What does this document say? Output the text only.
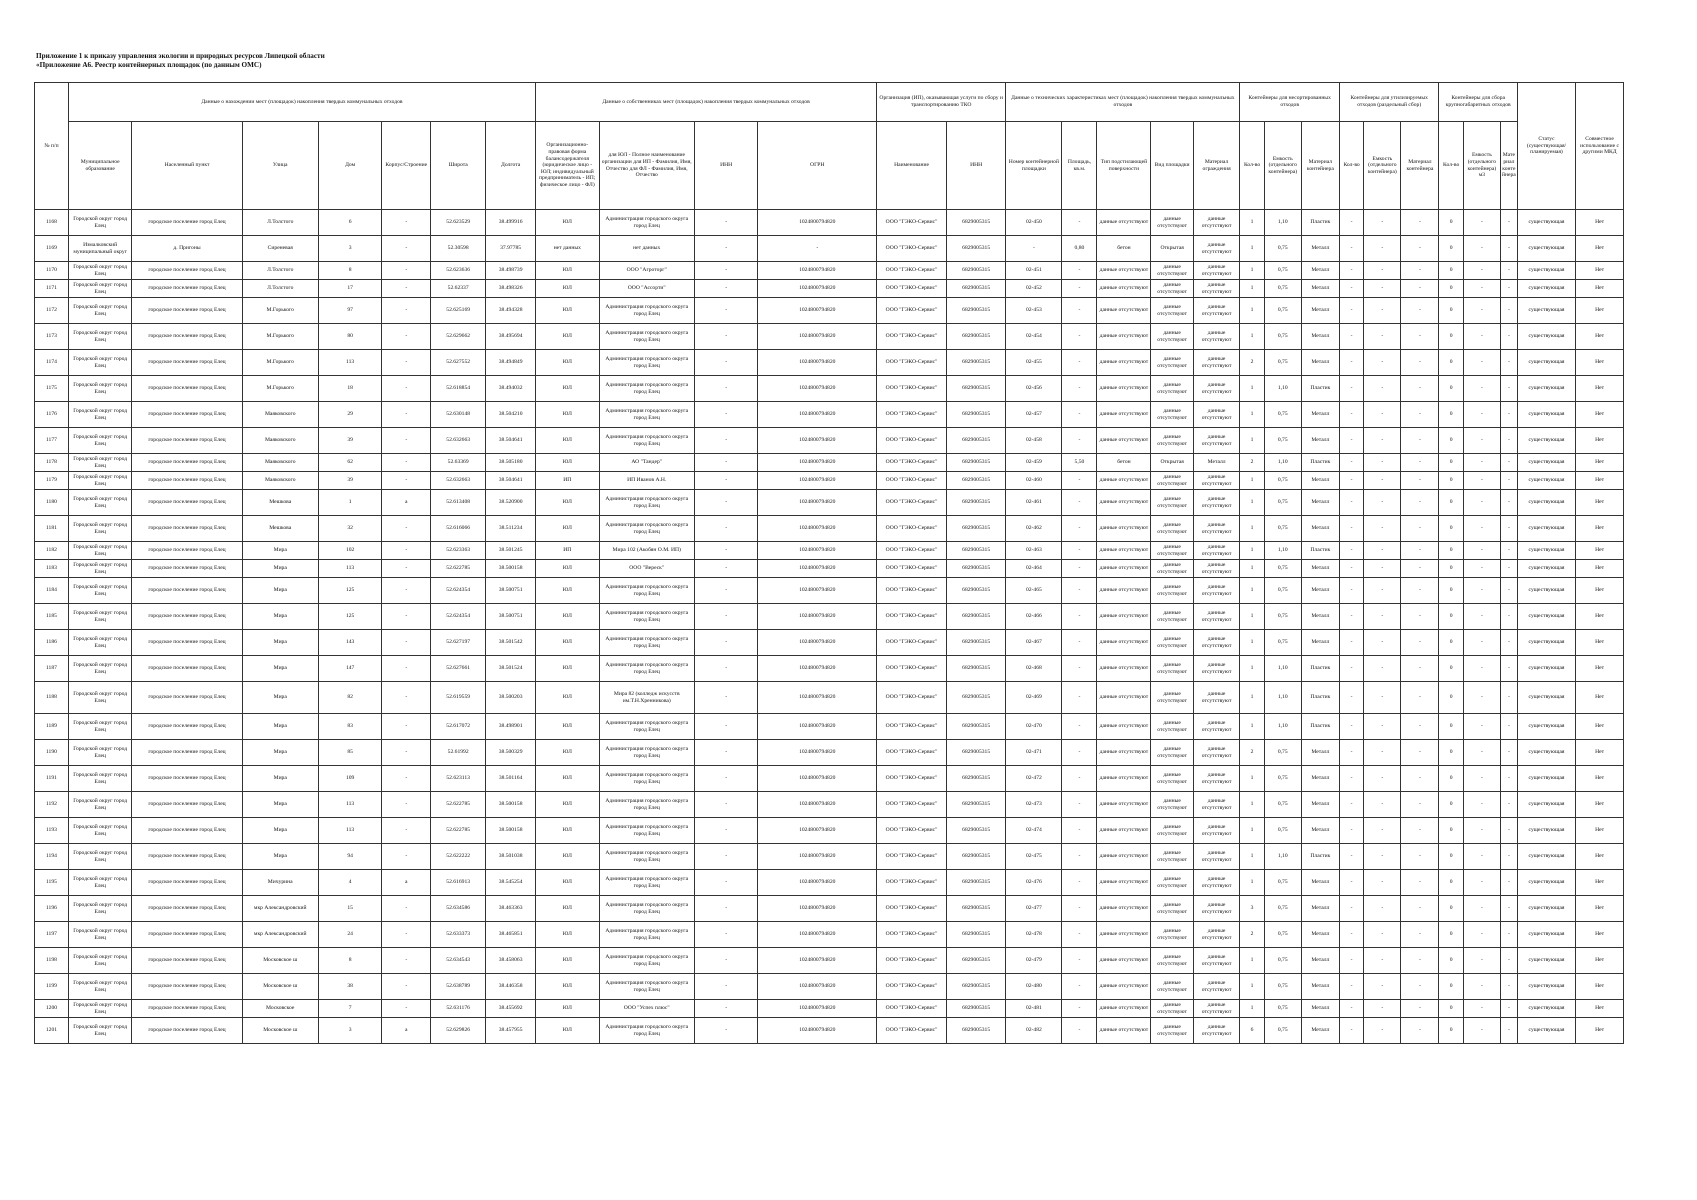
Приложение 1 к приказу управления экологии и природных ресурсов Липецкой области
«Приложение А6. Реестр контейнерных площадок (по данным ОМС)
№ п/п	Данные о нахождении мест (площадок) накопления твердых коммунальных отходов							Данные о собственниках мест (площадок) накопления твердых коммунальных отходов				Организация (ИП), оказывающая услуги по сбору и транспортированию ТКО		Данные о технических характеристиках мест (площадок) накопления твердых коммунальных отходов					Контейнеры для несортированных отходов			Контейнеры для утилизируемых отходов (раздельный сбор)			Контейнеры для сбора крупногабаритных отходов			Статус (существующая/ планируемая)	Совместное использование с другими МКД
	Муниципальное образование	Населенный пункт	Улица	Дом	Корпус/Строение	Широта	Долгота	Организационно-правовая форма балансодержателя (юридическое лицо - ЮЛ; индивидуальный предприниматель - ИП; физическое лицо - ФЛ)	для ЮЛ - Полное наименование организации для ИП - Фамилия, Имя, Отчество для ФЛ - Фамилия, Имя, Отчество	ИНН	ОГРН	Наименование	ИНН	Номер контейнерной площадки	Площадь, кв.м.	Тип подстилающей поверхности	Вид площадки	Материал ограждения	Кол-во	Емкость (отдельного контейнера)	Материал контейнера	Кол-во	Емкость (отдельного контейнера)	Материал контейнера	Кол-во	Емкость (отдельного контейнера) м3	Материал контейнера		
1168	Городской округ город Елец	городское поселение город Елец	Л.Толстого	6	-	52.623529	38.499916	ЮЛ	Администрация городского округа город Елец	-	1024800794820	ООО "ГЭКО-Сервис"	6829005315	02-450	-	данные отсутствуют	данные отсутствуют	данные отсутствуют	1	1,10	Пластик	-	-	-	0	-	-	существующая	Нет
1169	Измалковский муниципальный округ	д. Пригоны	Сиреневая	3	-	52.30598	37.97785	нет данных	нет данных	-	-	ООО "ГЭКО-Сервис"	6829005315	-	0,80	бетон	Открытая	данные отсутствуют	1	0,75	Металл	-	-	-	0	-	-	существующая	Нет
1170	Городской округ город Елец	городское поселение город Елец	Л.Толстого	8	-	52.623636	38.498739	ЮЛ	ООО "Агроторг"	-	1024800794820	ООО "ГЭКО-Сервис"	6829005315	02-451	-	данные отсутствуют	данные отсутствуют	данные отсутствуют	1	0,75	Металл	-	-	-	0	-	-	существующая	Нет
1171	Городской округ город Елец	городское поселение город Елец	Л.Толстого	17	-	52.62337	38.498326	ЮЛ	ООО "Ассорти"	-	1024800794820	ООО "ГЭКО-Сервис"	6829005315	02-452	-	данные отсутствуют	данные отсутствуют	данные отсутствуют	1	0,75	Металл	-	-	-	0	-	-	существующая	Нет
1172	Городской округ город Елец	городское поселение город Елец	М.Горького	97	-	52.625169	38.494328	ЮЛ	Администрация городского округа город Елец	-	1024800794820	ООО "ГЭКО-Сервис"	6829005315	02-453	-	данные отсутствуют	данные отсутствуют	данные отсутствуют	1	0,75	Металл	-	-	-	0	-	-	существующая	Нет
1173	Городской округ город Елец	городское поселение город Елец	М.Горького	80	-	52.629662	38.495694	ЮЛ	Администрация городского округа город Елец	-	1024800794820	ООО "ГЭКО-Сервис"	6829005315	02-454	-	данные отсутствуют	данные отсутствуют	данные отсутствуют	1	0,75	Металл	-	-	-	0	-	-	существующая	Нет
1174	Городской округ город Елец	городское поселение город Елец	М.Горького	113	-	52.627552	38.494849	ЮЛ	Администрация городского округа город Елец	-	1024800794820	ООО "ГЭКО-Сервис"	6829005315	02-455	-	данные отсутствуют	данные отсутствуют	данные отсутствуют	2	0,75	Металл	-	-	-	0	-	-	существующая	Нет
1175	Городской округ город Елец	городское поселение город Елец	М.Горького	18	-	52.618854	38.494032	ЮЛ	Администрация городского округа город Елец	-	1024800794820	ООО "ГЭКО-Сервис"	6829005315	02-456	-	данные отсутствуют	данные отсутствуют	данные отсутствуют	1	1,10	Пластик	-	-	-	0	-	-	существующая	Нет
1176	Городской округ город Елец	городское поселение город Елец	Маяковского	29	-	52.630148	38.504210	ЮЛ	Администрация городского округа город Елец	-	1024800794820	ООО "ГЭКО-Сервис"	6829005315	02-457	-	данные отсутствуют	данные отсутствуют	данные отсутствуют	1	0,75	Металл	-	-	-	0	-	-	существующая	Нет
1177	Городской округ город Елец	городское поселение город Елец	Маяковского	39	-	52.632663	38.504641	ЮЛ	Администрация городского округа город Елец	-	1024800794820	ООО "ГЭКО-Сервис"	6829005315	02-458	-	данные отсутствуют	данные отсутствуют	данные отсутствуют	1	0,75	Металл	-	-	-	0	-	-	существующая	Нет
1178	Городской округ город Елец	городское поселение город Елец	Маяковского	62	-	52.63369	38.505180	ЮЛ	АО "Тандер"	-	1024800794820	ООО "ГЭКО-Сервис"	6829005315	02-459	5,50	бетон	Открытая	Металл	2	1,10	Пластик	-	-	-	0	-	-	существующая	Нет
1179	Городской округ город Елец	городское поселение город Елец	Маяковского	39	-	52.632663	38.504641	ИП	ИП Иванов А.Н.	-	1024800794820	ООО "ГЭКО-Сервис"	6829005315	02-460	-	данные отсутствуют	данные отсутствуют	данные отсутствуют	1	0,75	Металл	-	-	-	0	-	-	существующая	Нет
1180	Городской округ город Елец	городское поселение город Елец	Мешкова	1	а	52.613408	38.520900	ЮЛ	Администрация городского округа город Елец	-	1024800794820	ООО "ГЭКО-Сервис"	6829005315	02-461	-	данные отсутствуют	данные отсутствуют	данные отсутствуют	1	0,75	Металл	-	-	-	0	-	-	существующая	Нет
1181	Городской округ город Елец	городское поселение город Елец	Мешкова	32	-	52.616066	38.511234	ЮЛ	Администрация городского округа город Елец	-	1024800794820	ООО "ГЭКО-Сервис"	6829005315	02-462	-	данные отсутствуют	данные отсутствуют	данные отсутствуют	1	0,75	Металл	-	-	-	0	-	-	существующая	Нет
1182	Городской округ город Елец	городское поселение город Елец	Мира	102	-	52.623363	38.501245	ИП	Мира 102 (Акобян О.М. ИП)	-	1024800794820	ООО "ГЭКО-Сервис"	6829005315	02-463	-	данные отсутствуют	данные отсутствуют	данные отсутствуют	1	1,10	Пластик	-	-	-	0	-	-	существующая	Нет
1183	Городской округ город Елец	городское поселение город Елец	Мира	113	-	52.622785	38.500158	ЮЛ	ООО "Вереск"	-	1024800794820	ООО "ГЭКО-Сервис"	6829005315	02-464	-	данные отсутствуют	данные отсутствуют	данные отсутствуют	1	0,75	Металл	-	-	-	0	-	-	существующая	Нет
1184	Городской округ город Елец	городское поселение город Елец	Мира	125	-	52.624354	38.500751	ЮЛ	Администрация городского округа город Елец	-	1024800794820	ООО "ГЭКО-Сервис"	6829005315	02-465	-	данные отсутствуют	данные отсутствуют	данные отсутствуют	1	0,75	Металл	-	-	-	0	-	-	существующая	Нет
1185	Городской округ город Елец	городское поселение город Елец	Мира	125	-	52.624354	38.500751	ЮЛ	Администрация городского округа город Елец	-	1024800794820	ООО "ГЭКО-Сервис"	6829005315	02-466	-	данные отсутствуют	данные отсутствуют	данные отсутствуют	1	0,75	Металл	-	-	-	0	-	-	существующая	Нет
1186	Городской округ город Елец	городское поселение город Елец	Мира	143	-	52.627197	38.501542	ЮЛ	Администрация городского округа город Елец	-	1024800794820	ООО "ГЭКО-Сервис"	6829005315	02-467	-	данные отсутствуют	данные отсутствуют	данные отсутствуют	1	0,75	Металл	-	-	-	0	-	-	существующая	Нет
1187	Городской округ город Елец	городское поселение город Елец	Мира	147	-	52.627661	38.501524	ЮЛ	Администрация городского округа город Елец	-	1024800794820	ООО "ГЭКО-Сервис"	6829005315	02-468	-	данные отсутствуют	данные отсутствуют	данные отсутствуют	1	1,10	Пластик	-	-	-	0	-	-	существующая	Нет
1188	Городской округ город Елец	городское поселение город Елец	Мира	82	-	52.619559	38.500203	ЮЛ	Мира 82 (колледж искусств им.Т.Н.Хренникова)	-	1024800794820	ООО "ГЭКО-Сервис"	6829005315	02-469	-	данные отсутствуют	данные отсутствуют	данные отсутствуют	1	1,10	Пластик	-	-	-	0	-	-	существующая	Нет
1189	Городской округ город Елец	городское поселение город Елец	Мира	83	-	52.617072	38.498901	ЮЛ	Администрация городского округа город Елец	-	1024800794820	ООО "ГЭКО-Сервис"	6829005315	02-470	-	данные отсутствуют	данные отсутствуют	данные отсутствуют	1	1,10	Пластик	-	-	-	0	-	-	существующая	Нет
1190	Городской округ город Елец	городское поселение город Елец	Мира	85	-	52.61992	38.500329	ЮЛ	Администрация городского округа город Елец	-	1024800794820	ООО "ГЭКО-Сервис"	6829005315	02-471	-	данные отсутствуют	данные отсутствуют	данные отсутствуют	2	0,75	Металл	-	-	-	0	-	-	существующая	Нет
1191	Городской округ город Елец	городское поселение город Елец	Мира	109	-	52.623113	38.501164	ЮЛ	Администрация городского округа город Елец	-	1024800794820	ООО "ГЭКО-Сервис"	6829005315	02-472	-	данные отсутствуют	данные отсутствуют	данные отсутствуют	1	0,75	Металл	-	-	-	0	-	-	существующая	Нет
1192	Городской округ город Елец	городское поселение город Елец	Мира	113	-	52.622785	38.500158	ЮЛ	Администрация городского округа город Елец	-	1024800794820	ООО "ГЭКО-Сервис"	6829005315	02-473	-	данные отсутствуют	данные отсутствуют	данные отсутствуют	1	0,75	Металл	-	-	-	0	-	-	существующая	Нет
1193	Городской округ город Елец	городское поселение город Елец	Мира	113	-	52.622785	38.500158	ЮЛ	Администрация городского округа город Елец	-	1024800794820	ООО "ГЭКО-Сервис"	6829005315	02-474	-	данные отсутствуют	данные отсутствуют	данные отсутствуют	1	0,75	Металл	-	-	-	0	-	-	существующая	Нет
1194	Городской округ город Елец	городское поселение город Елец	Мира	94	-	52.622222	38.501038	ЮЛ	Администрация городского округа город Елец	-	1024800794820	ООО "ГЭКО-Сервис"	6829005315	02-475	-	данные отсутствуют	данные отсутствуют	данные отсутствуют	1	1,10	Пластик	-	-	-	0	-	-	существующая	Нет
1195	Городской округ город Елец	городское поселение город Елец	Мичурина	4	а	52.616913	38.545254	ЮЛ	Администрация городского округа город Елец	-	1024800794820	ООО "ГЭКО-Сервис"	6829005315	02-476	-	данные отсутствуют	данные отсутствуют	данные отсутствуют	1	0,75	Металл	-	-	-	0	-	-	существующая	Нет
1196	Городской округ город Елец	городское поселение город Елец	мкр Александровский	15	-	52.634586	38.463363	ЮЛ	Администрация городского округа город Елец	-	1024800794820	ООО "ГЭКО-Сервис"	6829005315	02-477	-	данные отсутствуют	данные отсутствуют	данные отсутствуют	3	0,75	Металл	-	-	-	0	-	-	существующая	Нет
1197	Городской округ город Елец	городское поселение город Елец	мкр Александровский	24	-	52.633373	38.465851	ЮЛ	Администрация городского округа город Елец	-	1024800794820	ООО "ГЭКО-Сервис"	6829005315	02-478	-	данные отсутствуют	данные отсутствуют	данные отсутствуют	2	0,75	Металл	-	-	-	0	-	-	существующая	Нет
1198	Городской округ город Елец	городское поселение город Елец	Московское ш	8	-	52.634543	38.458063	ЮЛ	Администрация городского округа город Елец	-	1024800794820	ООО "ГЭКО-Сервис"	6829005315	02-479	-	данные отсутствуют	данные отсутствуют	данные отсутствуют	1	0,75	Металл	-	-	-	0	-	-	существующая	Нет
1199	Городской округ город Елец	городское поселение город Елец	Московское ш	38	-	52.638789	38.446358	ЮЛ	Администрация городского округа город Елец	-	1024800794820	ООО "ГЭКО-Сервис"	6829005315	02-480	-	данные отсутствуют	данные отсутствуют	данные отсутствуют	1	0,75	Металл	-	-	-	0	-	-	существующая	Нет
1200	Городской округ город Елец	городское поселение город Елец	Московское	7	-	52.631176	38.455692	ЮЛ	ООО "Успех плюс"	-	1024800794820	ООО "ГЭКО-Сервис"	6829005315	02-481	-	данные отсутствуют	данные отсутствуют	данные отсутствуют	1	0,75	Металл	-	-	-	0	-	-	существующая	Нет
1201	Городской округ город Елец	городское поселение город Елец	Московское ш	3	а	52.629826	38.457955	ЮЛ	Администрация городского округа город Елец	-	1024800794820	ООО "ГЭКО-Сервис"	6829005315	02-482	-	данные отсутствуют	данные отсутствуют	данные отсутствуют	6	0,75	Металл	-	-	-	0	-	-	существующая	Нет
